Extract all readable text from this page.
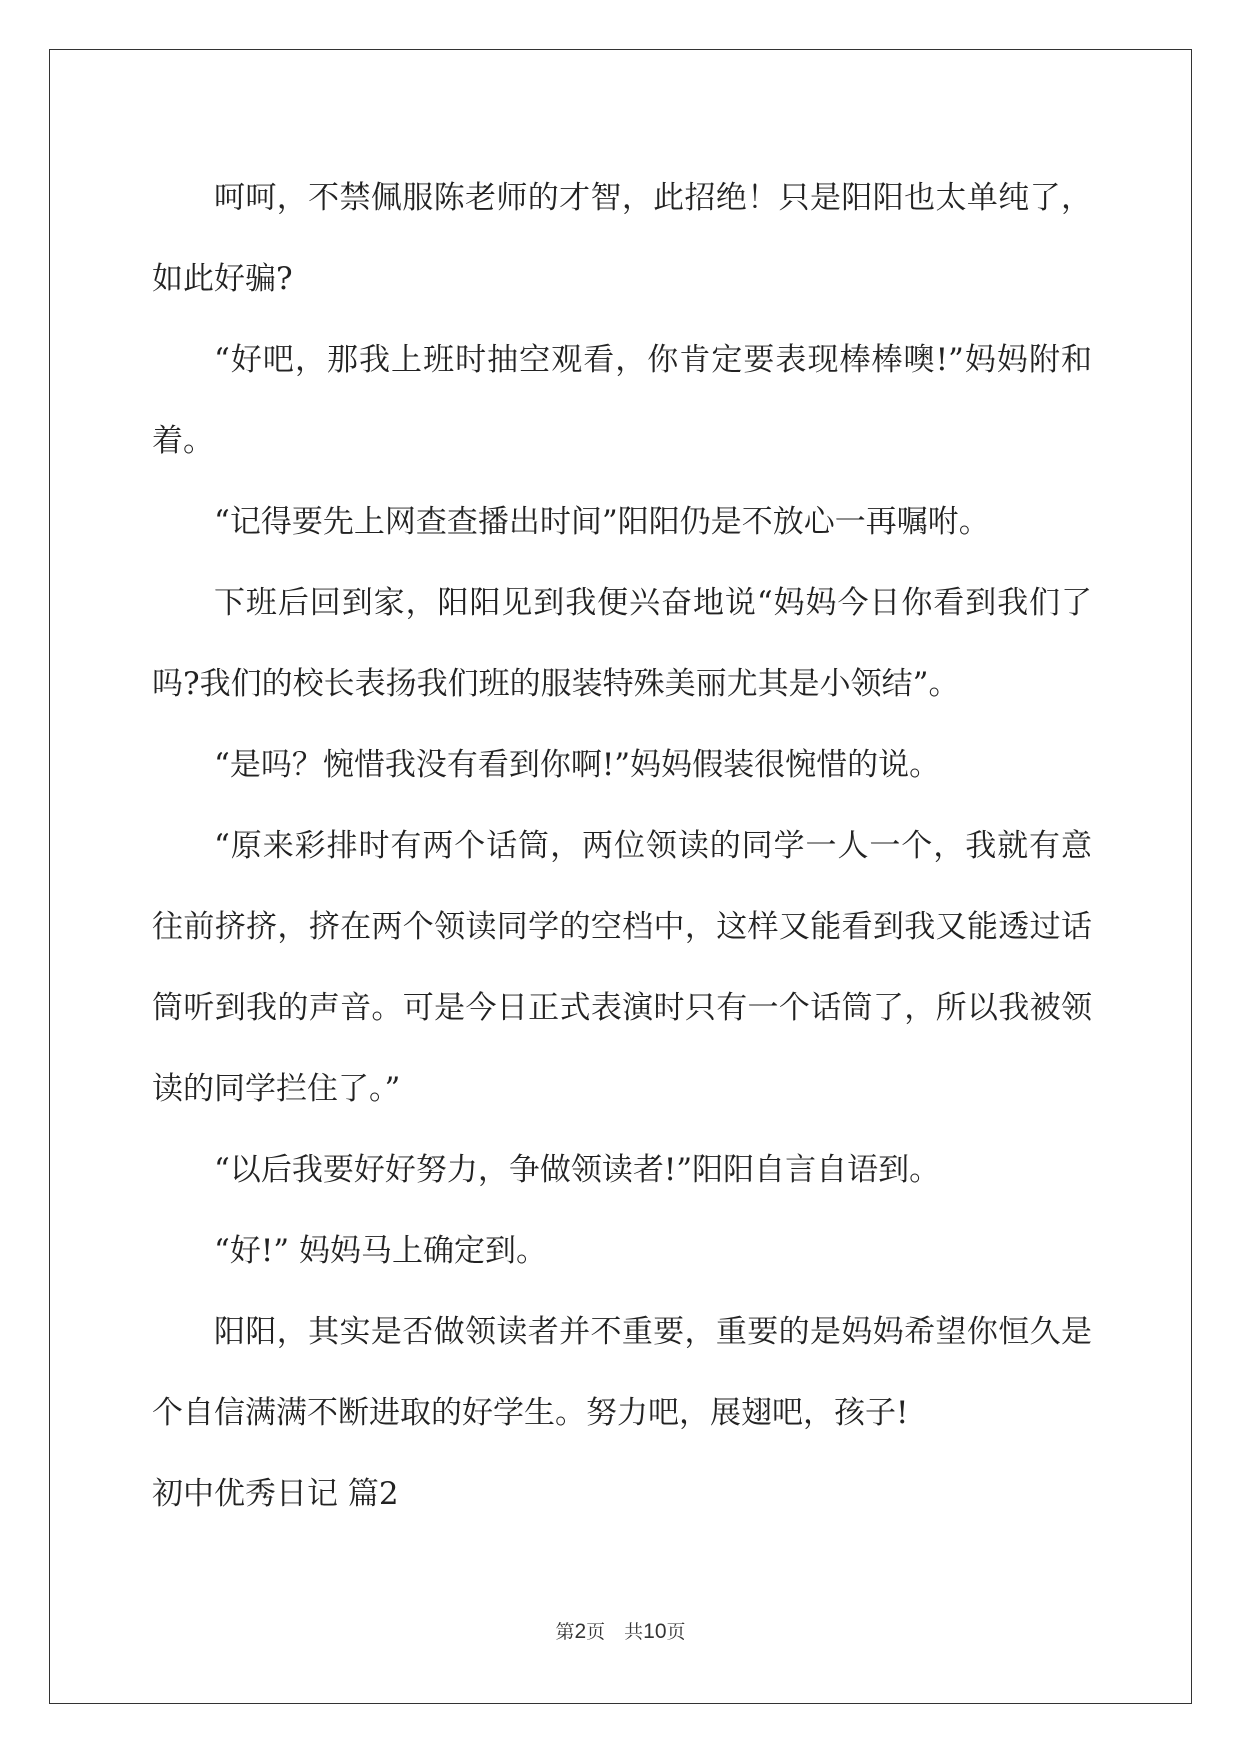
呵呵，不禁佩服陈老师的才智，此招绝！只是阳阳也太单纯了，如此好骗?

“好吧，那我上班时抽空观看，你肯定要表现棒棒噢!”妈妈附和着。

“记得要先上网查查播出时间”阳阳仍是不放心一再嘱咐。

下班后回到家，阳阳见到我便兴奋地说“妈妈今日你看到我们了吗?我们的校长表扬我们班的服装特殊美丽尤其是小领结”。

“是吗？惋惜我没有看到你啊!”妈妈假装很惋惜的说。

“原来彩排时有两个话筒，两位领读的同学一人一个，我就有意往前挤挤，挤在两个领读同学的空档中，这样又能看到我又能透过话筒听到我的声音。可是今日正式表演时只有一个话筒了，所以我被领读的同学拦住了。”

“以后我要好好努力，争做领读者!”阳阳自言自语到。

“好!” 妈妈马上确定到。

阳阳，其实是否做领读者并不重要，重要的是妈妈希望你恒久是个自信满满不断进取的好学生。努力吧，展翅吧，孩子!

初中优秀日记 篇2

第2页　共10页
